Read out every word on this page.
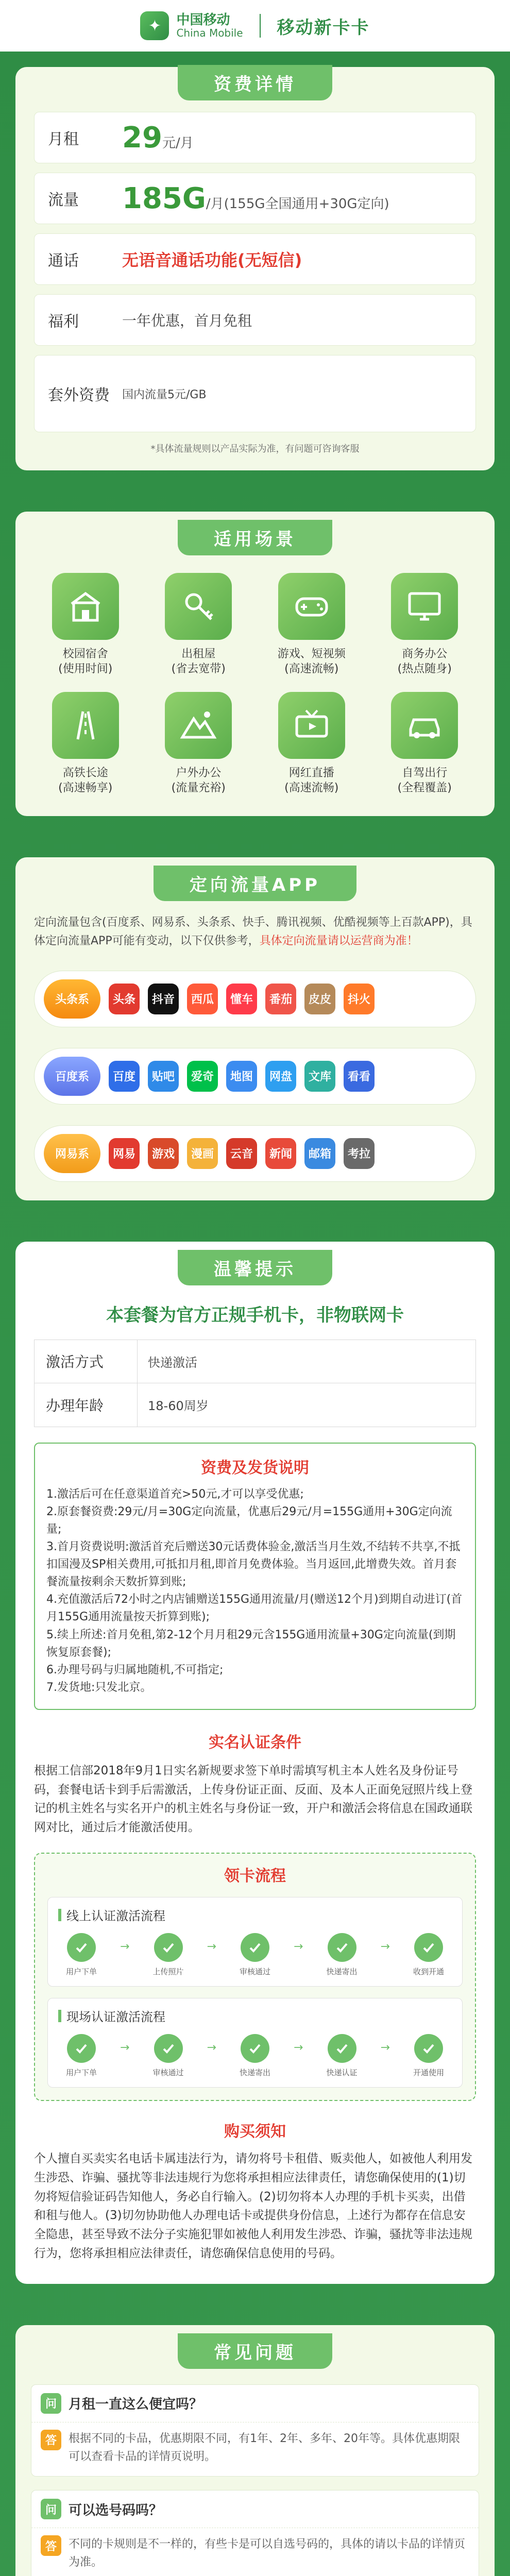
✦	中国移动
China Mobile 移动新卡卡
资费详情
月租	29元/月
流量	185G/月(155G全国通用+30G定向)
通话	无语音通话功能(无短信)
福利	一年优惠，首月免租
套外资费	国内流量5元/GB
*具体流量规则以产品实际为准，有问题可咨询客服
适用场景
校园宿舍
(使用时间)
出租屋
(省去宽带)
游戏、短视频
(高速流畅)
商务办公
(热点随身)
高铁长途
(高速畅享)
户外办公
(流量充裕)
网红直播
(高速流畅)
自驾出行
(全程覆盖)
定向流量APP

定向流量包含(百度系、网易系、头条系、快手、腾讯视频、优酷视频等上百款APP)，具体定向流量APP可能有变动，以下仅供参考，具体定向流量请以运营商为准！

头条系	头条	抖音	西瓜	懂车	番茄	皮皮	抖火
百度系	百度	贴吧	爱奇	地图	网盘	文库	看看
网易系	网易	游戏	漫画	云音	新闻	邮箱	考拉
温馨提示
本套餐为官方正规手机卡，非物联网卡
激活方式	快递激活
办理年龄	18-60周岁
资费及发货说明
1.激活后可在任意渠道首充>50元,才可以享受优惠;
2.原套餐资费:29元/月=30G定向流量，优惠后29元/月=155G通用+30G定向流量;
3.首月资费说明:激活首充后赠送30元话费体验金,激活当月生效,不结转不共享,不抵扣国漫及SP相关费用,可抵扣月租,即首月免费体验。当月返回,此增费失效。首月套餐流量按剩余天数折算到账;
4.充值激活后72小时之内店铺赠送155G通用流量/月(赠送12个月)到期自动进订(首月155G通用流量按天折算到账);
5.续上所述:首月免租,第2-12个月月租29元含155G通用流量+30G定向流量(到期恢复原套餐);
6.办理号码与归属地随机,不可指定;
7.发货地:只发北京。
实名认证条件

根据工信部2018年9月1日实名新规要求签下单时需填写机主本人姓名及身份证号码，套餐电话卡到手后需激活，上传身份证正面、反面、及本人正面免冠照片线上登记的机主姓名与实名开户的机主姓名与身份证一致，开户和激活会将信息在国政通联网对比，通过后才能激活使用。

领卡流程
线上认证激活流程
用户下单
→
上传照片
→
审核通过
→
快递寄出
→
收到开通
现场认证激活流程
用户下单
→
审核通过
→
快递寄出
→
快递认证
→
开通使用
购买须知

个人擅自买卖实名电话卡属违法行为，请勿将号卡租借、贩卖他人，如被他人利用发生涉恐、诈骗、骚扰等非法违规行为您将承担相应法律责任，请您确保使用的(1)切勿将短信验证码告知他人，务必自行输入。(2)切勿将本人办理的手机卡买卖，出借和租与他人。(3)切勿协助他人办理电话卡或提供身份信息，上述行为都存在信息安全隐患，甚至导致不法分子实施犯罪如被他人利用发生涉恐、诈骗，骚扰等非法违规行为，您将承担相应法律责任，请您确保信息使用的号码。

常见问题
问 月租一直这么便宜吗？
答	根据不同的卡品，优惠期限不同，有1年、2年、多年、20年等。具体优惠期限可以查看卡品的详情页说明。
问 可以选号码吗？
答	不同的卡规则是不一样的，有些卡是可以自选号码的，具体的请以卡品的详情页为准。
